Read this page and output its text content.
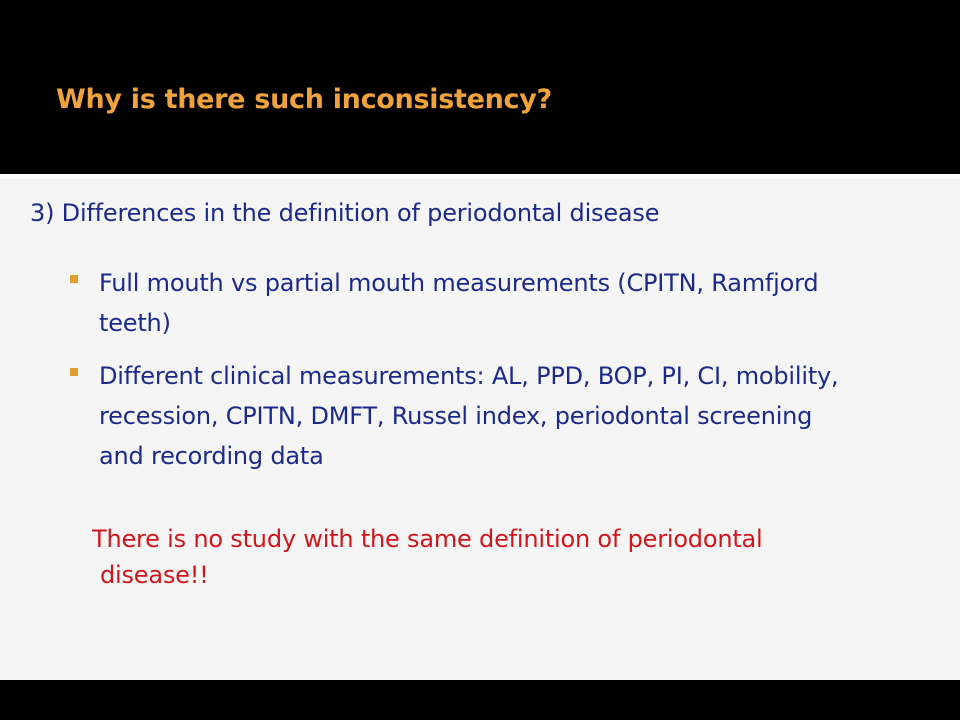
Why is there such inconsistency?
3) Differences in the definition of periodontal disease
Full mouth vs partial mouth measurements (CPITN, Ramfjord teeth)
Different clinical measurements: AL, PPD, BOP, PI, CI, mobility, recession, CPITN, DMFT, Russel index, periodontal screening and recording data
There is no study with the same definition of periodontal
disease!!
